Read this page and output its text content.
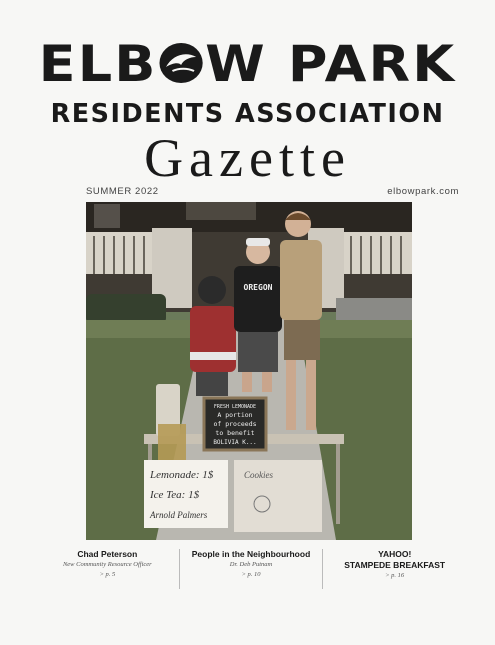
ELB W PARK
RESIDENTS ASSOCIATION
Gazette
SUMMER 2022	elbowpark.com
OREGON
FRESH LEMONADE
A portion
of proceeds
to benefit
BOLIVIA K...
Lemonade: 1$
Ice Tea: 1$
Arnold Palmers
Cookies
Chad Peterson
New Community Resource Officer
> p. 5
People in the Neighbourhood
Dr. Deb Putnam
> p. 10
YAHOO!
STAMPEDE BREAKFAST
> p. 16
